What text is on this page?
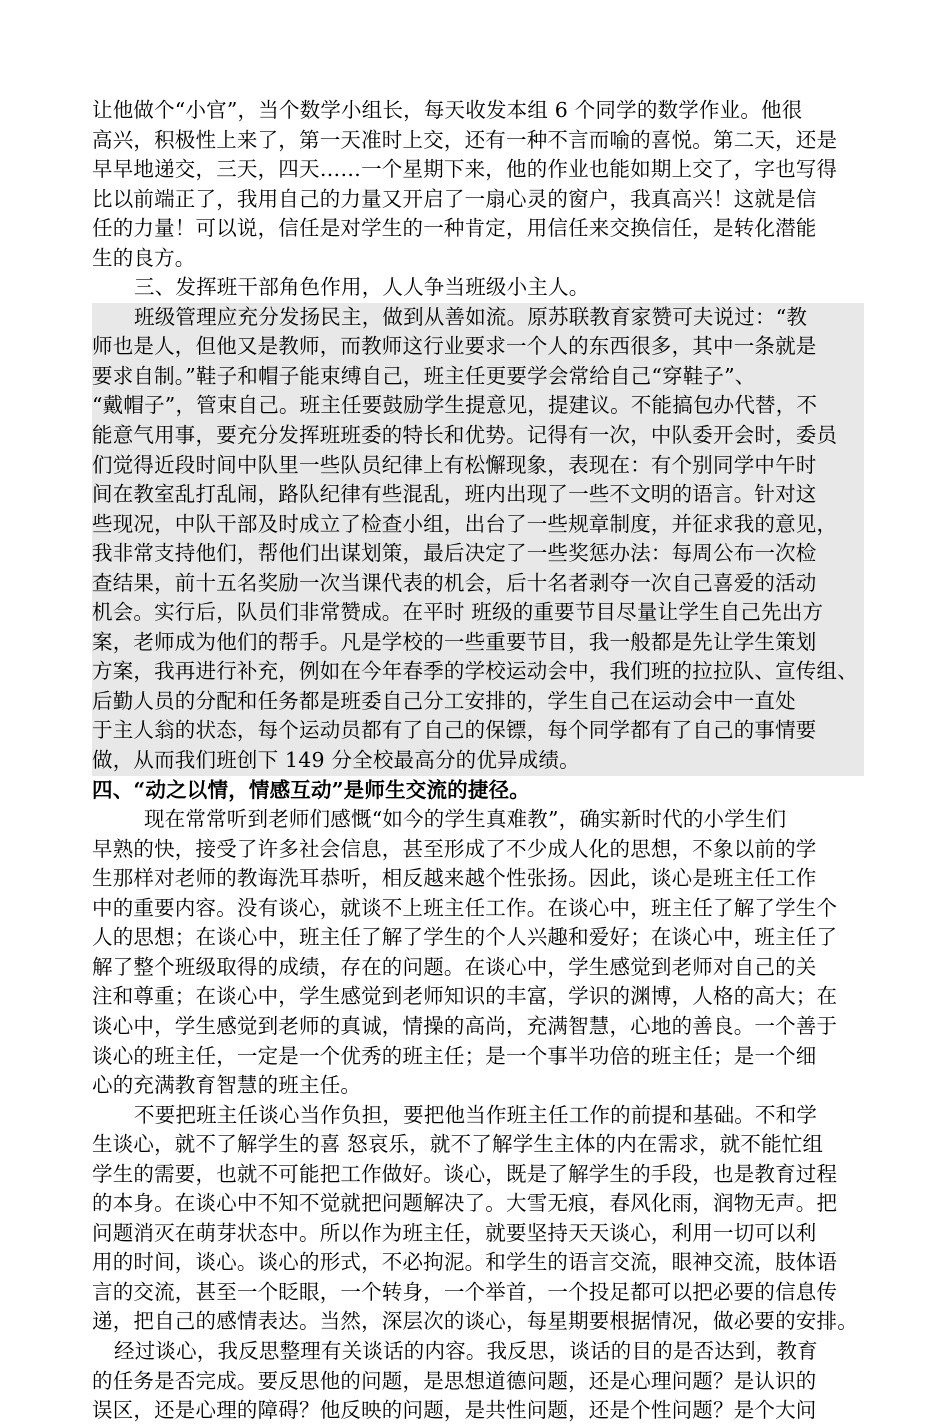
让他做个“小官”，当个数学小组长，每天收发本组 6 个同学的数学作业。他很
高兴，积极性上来了，第一天准时上交，还有一种不言而喻的喜悦。第二天，还是
早早地递交，三天，四天……一个星期下来，他的作业也能如期上交了，字也写得
比以前端正了，我用自己的力量又开启了一扇心灵的窗户，我真高兴！这就是信
任的力量！可以说，信任是对学生的一种肯定，用信任来交换信任，是转化潜能
生的良方。
三、发挥班干部角色作用，人人争当班级小主人。
班级管理应充分发扬民主，做到从善如流。原苏联教育家赞可夫说过：“教
师也是人，但他又是教师，而教师这行业要求一个人的东西很多，其中一条就是
要求自制。”鞋子和帽子能束缚自己，班主任更要学会常给自己“穿鞋子”、
“戴帽子”，管束自己。班主任要鼓励学生提意见，提建议。不能搞包办代替，不
能意气用事，要充分发挥班班委的特长和优势。记得有一次，中队委开会时，委员
们觉得近段时间中队里一些队员纪律上有松懈现象，表现在：有个别同学中午时
间在教室乱打乱闹，路队纪律有些混乱，班内出现了一些不文明的语言。针对这
些现况，中队干部及时成立了检查小组，出台了一些规章制度，并征求我的意见，
我非常支持他们，帮他们出谋划策，最后决定了一些奖惩办法：每周公布一次检
查结果，前十五名奖励一次当课代表的机会，后十名者剥夺一次自己喜爱的活动
机会。实行后，队员们非常赞成。在平时 班级的重要节目尽量让学生自己先出方
案，老师成为他们的帮手。凡是学校的一些重要节目，我一般都是先让学生策划
方案，我再进行补充，例如在今年春季的学校运动会中，我们班的拉拉队、宣传组、
后勤人员的分配和任务都是班委自己分工安排的，学生自己在运动会中一直处
于主人翁的状态，每个运动员都有了自己的保镖，每个同学都有了自己的事情要
做，从而我们班创下 149 分全校最高分的优异成绩。
四、“动之以情，情感互动”是师生交流的捷径。
现在常常听到老师们感慨“如今的学生真难教”，确实新时代的小学生们
早熟的快，接受了许多社会信息，甚至形成了不少成人化的思想，不象以前的学
生那样对老师的教诲洗耳恭听，相反越来越个性张扬。因此，谈心是班主任工作
中的重要内容。没有谈心，就谈不上班主任工作。在谈心中，班主任了解了学生个
人的思想；在谈心中，班主任了解了学生的个人兴趣和爱好；在谈心中，班主任了
解了整个班级取得的成绩，存在的问题。在谈心中，学生感觉到老师对自己的关
注和尊重；在谈心中，学生感觉到老师知识的丰富，学识的渊博，人格的高大；在
谈心中，学生感觉到老师的真诚，情操的高尚，充满智慧，心地的善良。一个善于
谈心的班主任，一定是一个优秀的班主任；是一个事半功倍的班主任；是一个细
心的充满教育智慧的班主任。
不要把班主任谈心当作负担，要把他当作班主任工作的前提和基础。不和学
生谈心，就不了解学生的喜 怒哀乐，就不了解学生主体的内在需求，就不能忙组
学生的需要，也就不可能把工作做好。谈心，既是了解学生的手段，也是教育过程
的本身。在谈心中不知不觉就把问题解决了。大雪无痕，春风化雨，润物无声。把
问题消灭在萌芽状态中。所以作为班主任，就要坚持天天谈心，利用一切可以利
用的时间，谈心。谈心的形式，不必拘泥。和学生的语言交流，眼神交流，肢体语
言的交流，甚至一个眨眼，一个转身，一个举首，一个投足都可以把必要的信息传
递，把自己的感情表达。当然，深层次的谈心，每星期要根据情况，做必要的安排。
经过谈心，我反思整理有关谈话的内容。我反思，谈话的目的是否达到，教育
的任务是否完成。要反思他的问题，是思想道德问题，还是心理问题？是认识的
误区，还是心理的障碍？他反映的问题，是共性问题，还是个性问题？是个大问
